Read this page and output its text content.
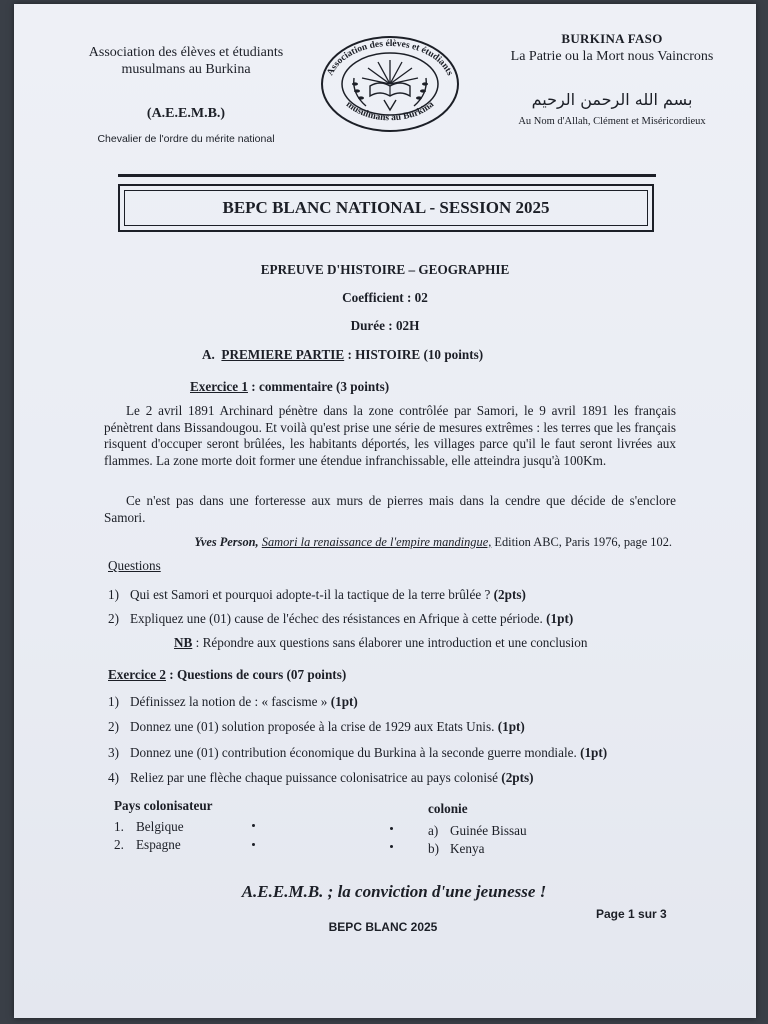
Association des élèves et étudiants musulmans au Burkina
(A.E.E.M.B.)
Chevalier de l'ordre du mérite national
Association des élèves et étudiants
musulmans au Burkina
BURKINA FASO
La Patrie ou la Mort nous Vaincrons
بسم الله الرحمن الرحيم
Au Nom d'Allah, Clément et Miséricordieux
BEPC BLANC NATIONAL - SESSION 2025
EPREUVE D'HISTOIRE – GEOGRAPHIE
Coefficient : 02
Durée : 02H
A. PREMIERE PARTIE : HISTOIRE (10 points)
Exercice 1 : commentaire (3 points)
Le 2 avril 1891 Archinard pénètre dans la zone contrôlée par Samori, le 9 avril 1891 les français pénètrent dans Bissandougou. Et voilà qu'est prise une série de mesures extrêmes : les terres que les français risquent d'occuper seront brûlées, les habitants déportés, les villages parce qu'il le faut seront livrées aux flammes. La zone morte doit former une étendue infranchissable, elle atteindra jusqu'à 100Km.
Ce n'est pas dans une forteresse aux murs de pierres mais dans la cendre que décide de s'enclore Samori.
Yves Person, Samori la renaissance de l'empire mandingue, Edition ABC, Paris 1976, page 102.
Questions
1) Qui est Samori et pourquoi adopte-t-il la tactique de la terre brûlée ? (2pts)
2) Expliquez une (01) cause de l'échec des résistances en Afrique à cette période. (1pt)
NB : Répondre aux questions sans élaborer une introduction et une conclusion
Exercice 2 : Questions de cours (07 points)
1) Définissez la notion de : « fascisme » (1pt)
2) Donnez une (01) solution proposée à la crise de 1929 aux Etats Unis. (1pt)
3) Donnez une (01) contribution économique du Burkina à la seconde guerre mondiale. (1pt)
4) Reliez par une flèche chaque puissance colonisatrice au pays colonisé (2pts)
Pays colonisateur	colonie
1. Belgique
2. Espagne
a) Guinée Bissau
b) Kenya
A.E.E.M.B. ; la conviction d'une jeunesse !
Page 1 sur 3
BEPC BLANC 2025
